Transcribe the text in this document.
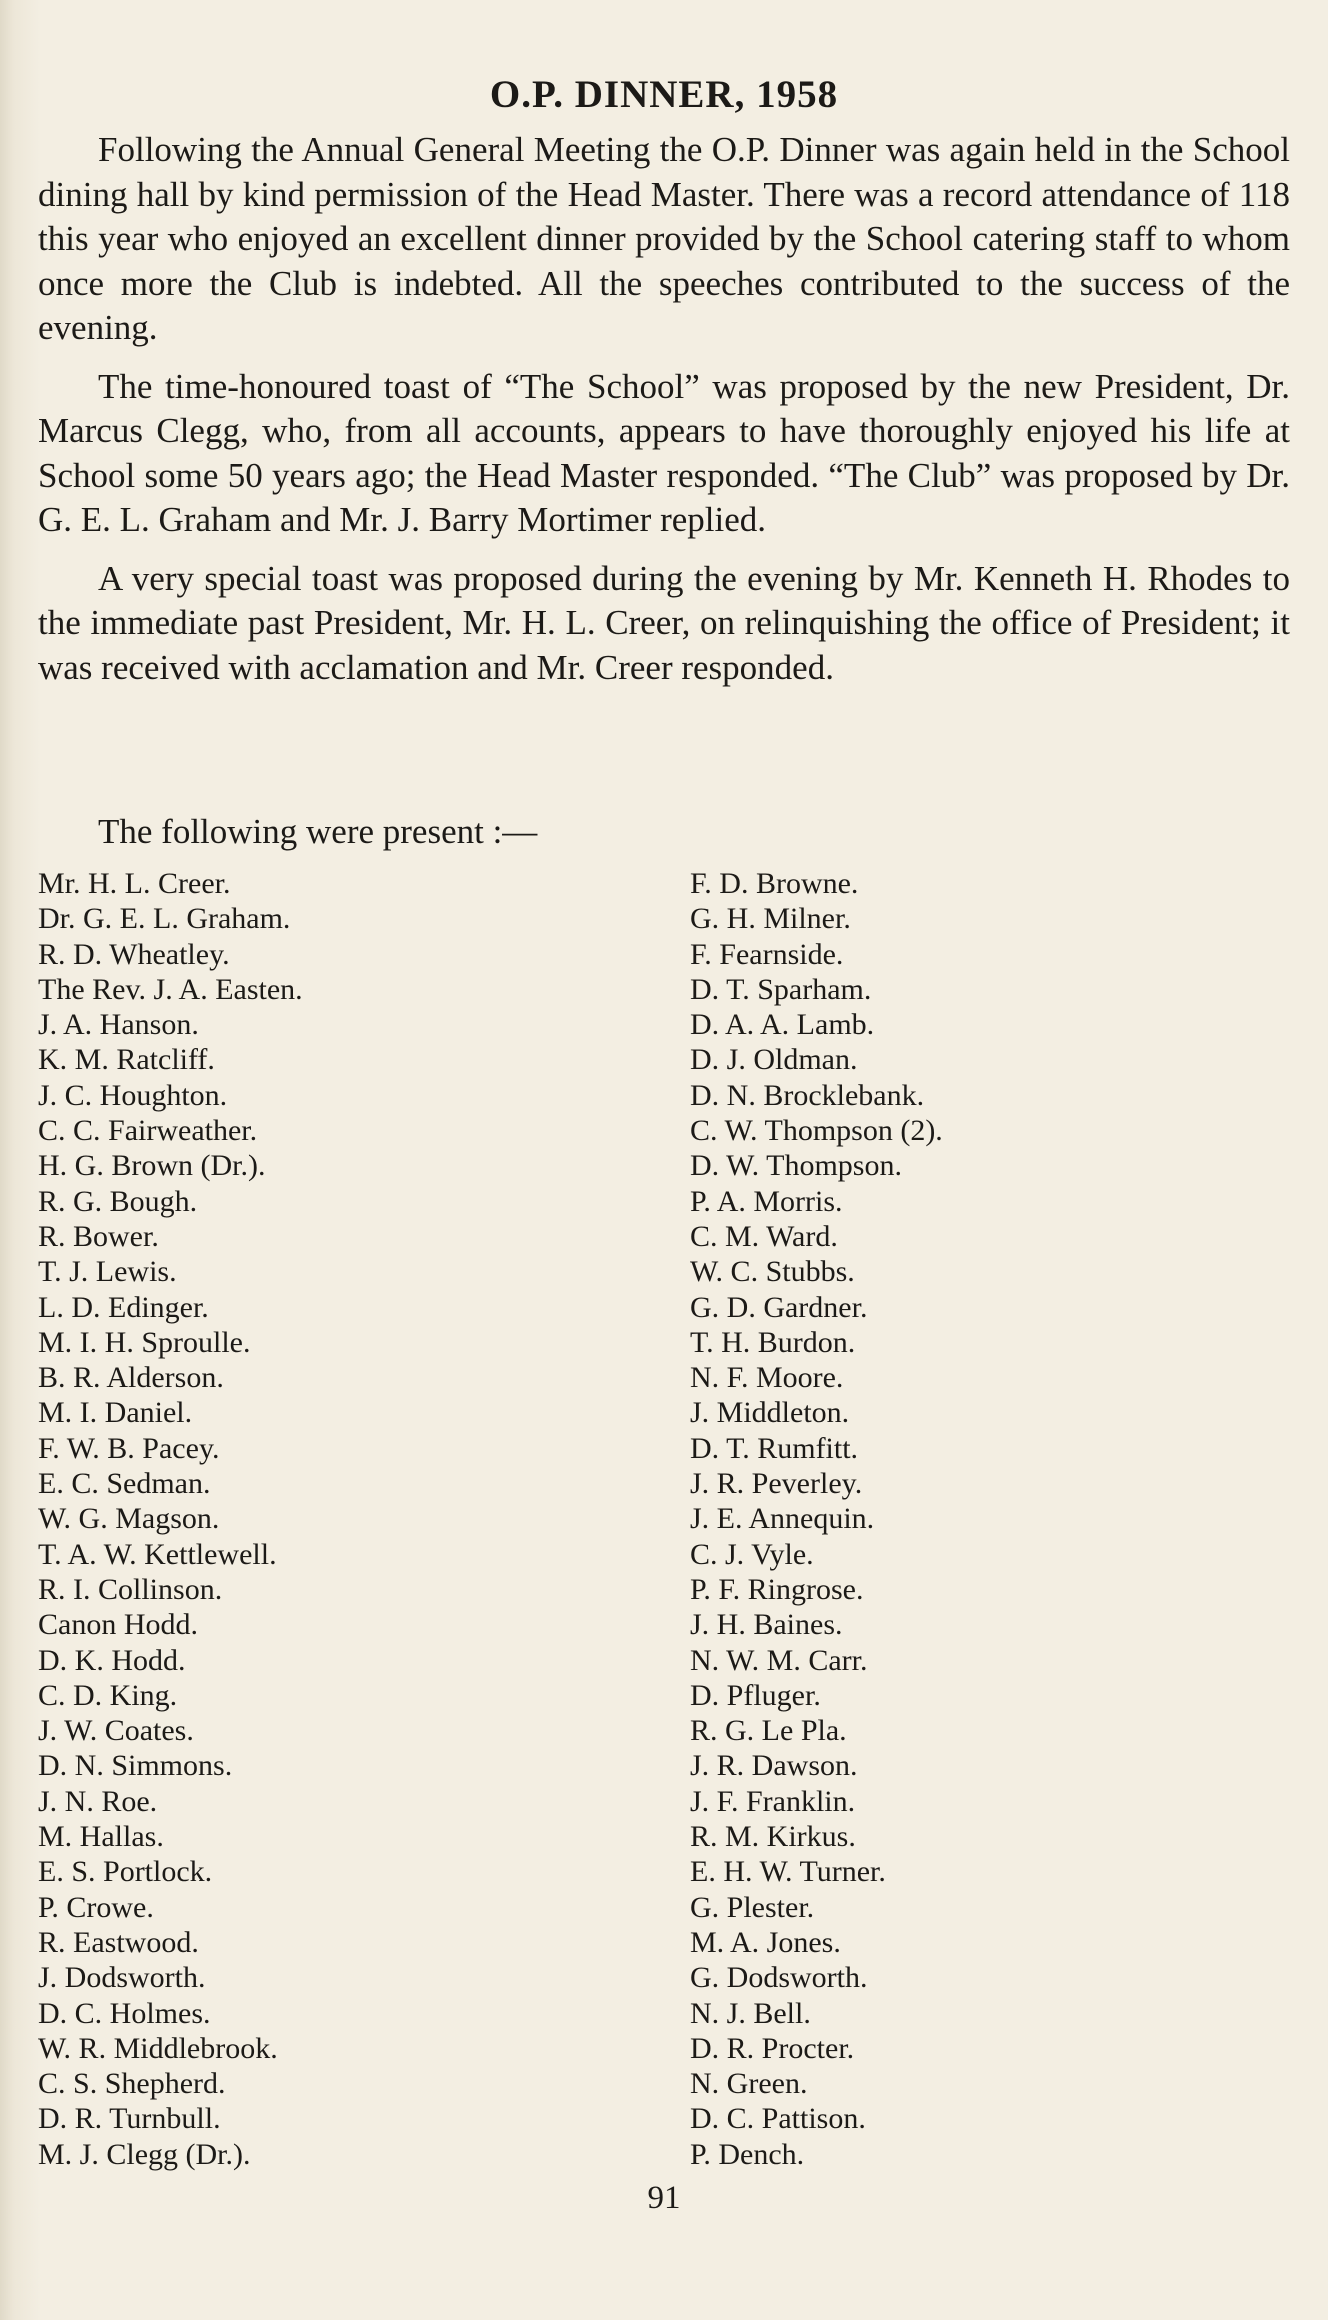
O.P. DINNER, 1958

Following the Annual General Meeting the O.P. Dinner was again held in the School dining hall by kind permission of the Head Master. There was a record attendance of 118 this year who enjoyed an excellent dinner provided by the School catering staff to whom once more the Club is indebted. All the speeches contributed to the success of the evening.

The time-honoured toast of “The School” was proposed by the new President, Dr. Marcus Clegg, who, from all accounts, appears to have thoroughly enjoyed his life at School some 50 years ago; the Head Master responded. “The Club” was proposed by Dr. G. E. L. Graham and Mr. J. Barry Mortimer replied.

A very special toast was proposed during the evening by Mr. Kenneth H. Rhodes to the immediate past President, Mr. H. L. Creer, on relinquishing the office of President; it was received with acclamation and Mr. Creer responded.

The following were present :—
Mr. H. L. Creer.
Dr. G. E. L. Graham.
R. D. Wheatley.
The Rev. J. A. Easten.
J. A. Hanson.
K. M. Ratcliff.
J. C. Houghton.
C. C. Fairweather.
H. G. Brown (Dr.).
R. G. Bough.
R. Bower.
T. J. Lewis.
L. D. Edinger.
M. I. H. Sproulle.
B. R. Alderson.
M. I. Daniel.
F. W. B. Pacey.
E. C. Sedman.
W. G. Magson.
T. A. W. Kettlewell.
R. I. Collinson.
Canon Hodd.
D. K. Hodd.
C. D. King.
J. W. Coates.
D. N. Simmons.
J. N. Roe.
M. Hallas.
E. S. Portlock.
P. Crowe.
R. Eastwood.
J. Dodsworth.
D. C. Holmes.
W. R. Middlebrook.
C. S. Shepherd.
D. R. Turnbull.
M. J. Clegg (Dr.).
F. D. Browne.
G. H. Milner.
F. Fearnside.
D. T. Sparham.
D. A. A. Lamb.
D. J. Oldman.
D. N. Brocklebank.
C. W. Thompson (2).
D. W. Thompson.
P. A. Morris.
C. M. Ward.
W. C. Stubbs.
G. D. Gardner.
T. H. Burdon.
N. F. Moore.
J. Middleton.
D. T. Rumfitt.
J. R. Peverley.
J. E. Annequin.
C. J. Vyle.
P. F. Ringrose.
J. H. Baines.
N. W. M. Carr.
D. Pfluger.
R. G. Le Pla.
J. R. Dawson.
J. F. Franklin.
R. M. Kirkus.
E. H. W. Turner.
G. Plester.
M. A. Jones.
G. Dodsworth.
N. J. Bell.
D. R. Procter.
N. Green.
D. C. Pattison.
P. Dench.
91
